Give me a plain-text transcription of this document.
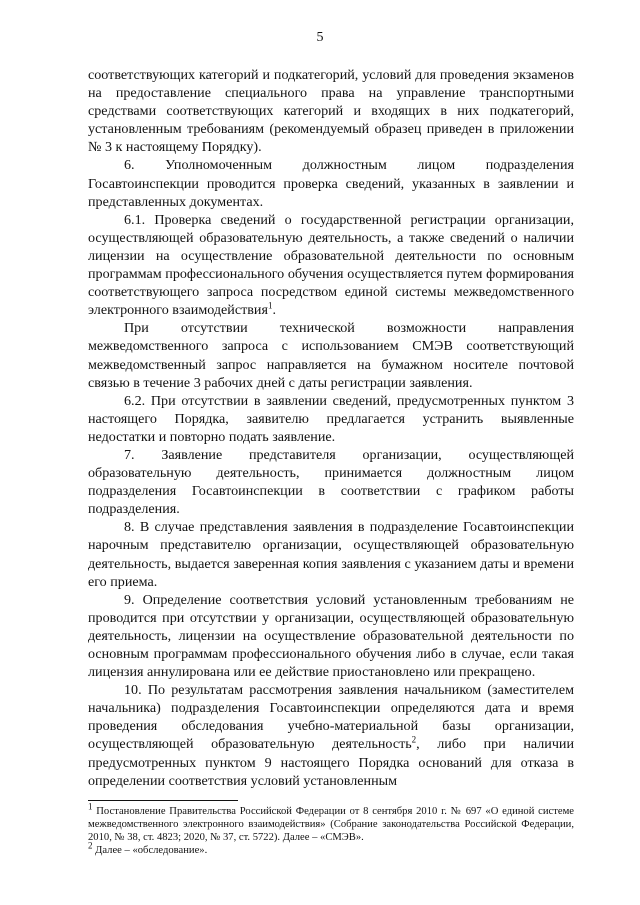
5

соответствующих категорий и подкатегорий, условий для проведения экзаменов на предоставление специального права на управление транспортными средствами соответствующих категорий и входящих в них подкатегорий, установленным требованиям (рекомендуемый образец приведен в приложении № 3 к настоящему Порядку).

6. Уполномоченным должностным лицом подразделения Госавтоинспекции проводится проверка сведений, указанных в заявлении и представленных документах.

6.1. Проверка сведений о государственной регистрации организации, осуществляющей образовательную деятельность, а также сведений о наличии лицензии на осуществление образовательной деятельности по основным программам профессионального обучения осуществляется путем формирования соответствующего запроса посредством единой системы межведомственного электронного взаимодействия$^1$.

При отсутствии технической возможности направления межведомственного запроса с использованием СМЭВ соответствующий межведомственный запрос направляется на бумажном носителе почтовой связью в течение 3 рабочих дней с даты регистрации заявления.

6.2. При отсутствии в заявлении сведений, предусмотренных пунктом 3 настоящего Порядка, заявителю предлагается устранить выявленные недостатки и повторно подать заявление.

7. Заявление представителя организации, осуществляющей образовательную деятельность, принимается должностным лицом подразделения Госавтоинспекции в соответствии с графиком работы подразделения.

8. В случае представления заявления в подразделение Госавтоинспекции нарочным представителю организации, осуществляющей образовательную деятельность, выдается заверенная копия заявления с указанием даты и времени его приема.

9. Определение соответствия условий установленным требованиям не проводится при отсутствии у организации, осуществляющей образовательную деятельность, лицензии на осуществление образовательной деятельности по основным программам профессионального обучения либо в случае, если такая лицензия аннулирована или ее действие приостановлено или прекращено.

10. По результатам рассмотрения заявления начальником (заместителем начальника) подразделения Госавтоинспекции определяются дата и время проведения обследования учебно-материальной базы организации, осуществляющей образовательную деятельность$^2$, либо при наличии предусмотренных пунктом 9 настоящего Порядка оснований для отказа в определении соответствия условий установленным

$^1$ Постановление Правительства Российской Федерации от 8 сентября 2010 г. № 697 «О единой системе межведомственного электронного взаимодействия» (Собрание законодательства Российской Федерации, 2010, № 38, ст. 4823; 2020, № 37, ст. 5722). Далее – «СМЭВ».

$^2$ Далее – «обследование».
